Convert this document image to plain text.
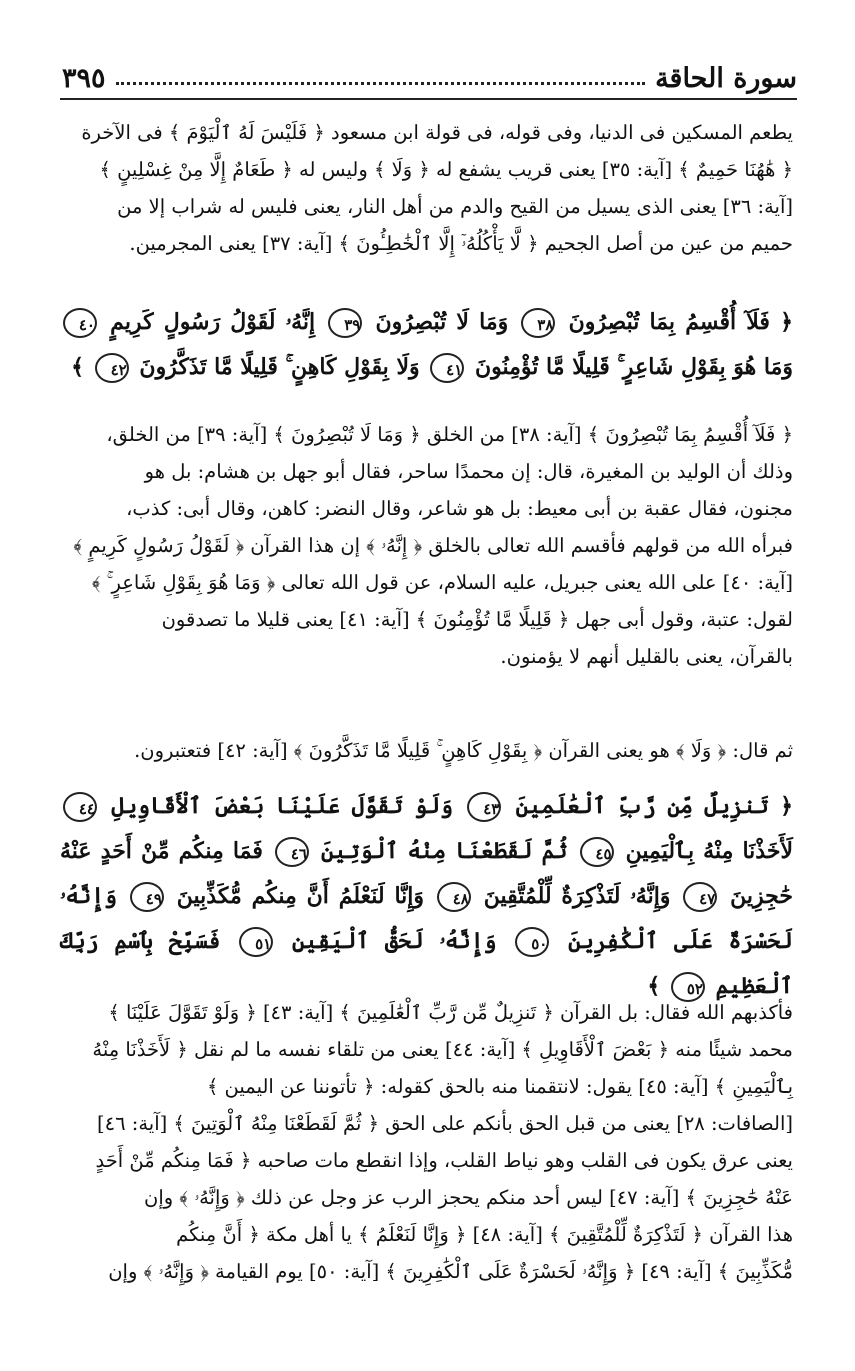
سورة الحاقة
٣٩٥
يطعم المسكين فى الدنيا، وفى قوله، فى قولة ابن مسعود ﴿ فَلَيْسَ لَهُ ٱلْيَوْمَ ﴾ فى الآخرة
﴿ هَٰهُنَا حَمِيمٌ ﴾ [آية: ٣٥] يعنى قريب يشفع له ﴿ وَلَا ﴾ وليس له ﴿ طَعَامٌ إِلَّا مِنْ غِسْلِينٍ ﴾
[آية: ٣٦] يعنى الذى يسيل من القيح والدم من أهل النار، يعنى فليس له شراب إلا من
حميم من عين من أصل الجحيم ﴿ لَّا يَأْكُلُهُۥٓ إِلَّا ٱلْخَٰطِـُٔونَ ﴾ [آية: ٣٧] يعنى المجرمين.
﴿ فَلَآ أُقْسِمُ بِمَا تُبْصِرُونَ ٣٨ وَمَا لَا تُبْصِرُونَ ٣٩ إِنَّهُۥ لَقَوْلُ رَسُولٍ كَرِيمٍ ٤٠ وَمَا هُوَ بِقَوْلِ شَاعِرٍ ۚ قَلِيلًا مَّا تُؤْمِنُونَ ٤١ وَلَا بِقَوْلِ كَاهِنٍ ۚ قَلِيلًا مَّا تَذَكَّرُونَ ٤٢ ﴾
﴿ فَلَآ أُقْسِمُ بِمَا تُبْصِرُونَ ﴾ [آية: ٣٨] من الخلق ﴿ وَمَا لَا تُبْصِرُونَ ﴾ [آية: ٣٩] من الخلق،
وذلك أن الوليد بن المغيرة، قال: إن محمدًا ساحر، فقال أبو جهل بن هشام: بل هو
مجنون، فقال عقبة بن أبى معيط: بل هو شاعر، وقال النضر: كاهن، وقال أبى: كذب،
فبرأه الله من قولهم فأقسم الله تعالى بالخلق ﴿ إِنَّهُۥ ﴾ إن هذا القرآن ﴿ لَقَوْلُ رَسُولٍ كَرِيمٍ ﴾
[آية: ٤٠] على الله يعنى جبريل، عليه السلام، عن قول الله تعالى ﴿ وَمَا هُوَ بِقَوْلِ شَاعِرٍ ۚ ﴾
لقول: عتبة، وقول أبى جهل ﴿ قَلِيلًا مَّا تُؤْمِنُونَ ﴾ [آية: ٤١] يعنى قليلا ما تصدقون
بالقرآن، يعنى بالقليل أنهم لا يؤمنون.
ثم قال: ﴿ وَلَا ﴾ هو يعنى القرآن ﴿ بِقَوْلِ كَاهِنٍ ۚ قَلِيلًا مَّا تَذَكَّرُونَ ﴾ [آية: ٤٢] فتعتبرون.
﴿ تَنزِيلٌ مِّن رَّبِّ ٱلْعَٰلَمِينَ ٤٣ وَلَوْ تَقَوَّلَ عَلَيْنَا بَعْضَ ٱلْأَقَاوِيلِ ٤٤ لَأَخَذْنَا مِنْهُ بِٱلْيَمِينِ ٤٥ ثُمَّ لَقَطَعْنَا مِنْهُ ٱلْوَتِينَ ٤٦ فَمَا مِنكُم مِّنْ أَحَدٍ عَنْهُ حَٰجِزِينَ ٤٧ وَإِنَّهُۥ لَتَذْكِرَةٌ لِّلْمُتَّقِينَ ٤٨ وَإِنَّا لَنَعْلَمُ أَنَّ مِنكُم مُّكَذِّبِينَ ٤٩ وَإِنَّهُۥ لَحَسْرَةٌ عَلَى ٱلْكَٰفِرِينَ ٥٠ وَإِنَّهُۥ لَحَقُّ ٱلْيَقِينِ ٥١ فَسَبِّحْ بِٱسْمِ رَبِّكَ ٱلْعَظِيمِ ٥٢ ﴾
فأكذبهم الله فقال: بل القرآن ﴿ تَنزِيلٌ مِّن رَّبِّ ٱلْعَٰلَمِينَ ﴾ [آية: ٤٣] ﴿ وَلَوْ تَقَوَّلَ عَلَيْنَا ﴾
محمد شيئًا منه ﴿ بَعْضَ ٱلْأَقَاوِيلِ ﴾ [آية: ٤٤] يعنى من تلقاء نفسه ما لم نقل ﴿ لَأَخَذْنَا مِنْهُ
بِٱلْيَمِينِ ﴾ [آية: ٤٥] يقول: لانتقمنا منه بالحق كقوله: ﴿ تأتوننا عن اليمين ﴾
[الصافات: ٢٨] يعنى من قبل الحق بأنكم على الحق ﴿ ثُمَّ لَقَطَعْنَا مِنْهُ ٱلْوَتِينَ ﴾ [آية: ٤٦]
يعنى عرق يكون فى القلب وهو نياط القلب، وإذا انقطع مات صاحبه ﴿ فَمَا مِنكُم مِّنْ أَحَدٍ
عَنْهُ حَٰجِزِينَ ﴾ [آية: ٤٧] ليس أحد منكم يحجز الرب عز وجل عن ذلك ﴿ وَإِنَّهُۥ ﴾ وإن
هذا القرآن ﴿ لَتَذْكِرَةٌ لِّلْمُتَّقِينَ ﴾ [آية: ٤٨] ﴿ وَإِنَّا لَنَعْلَمُ ﴾ يا أهل مكة ﴿ أَنَّ مِنكُم
مُّكَذِّبِينَ ﴾ [آية: ٤٩] ﴿ وَإِنَّهُۥ لَحَسْرَةٌ عَلَى ٱلْكَٰفِرِينَ ﴾ [آية: ٥٠] يوم القيامة ﴿ وَإِنَّهُۥ ﴾ وإن
